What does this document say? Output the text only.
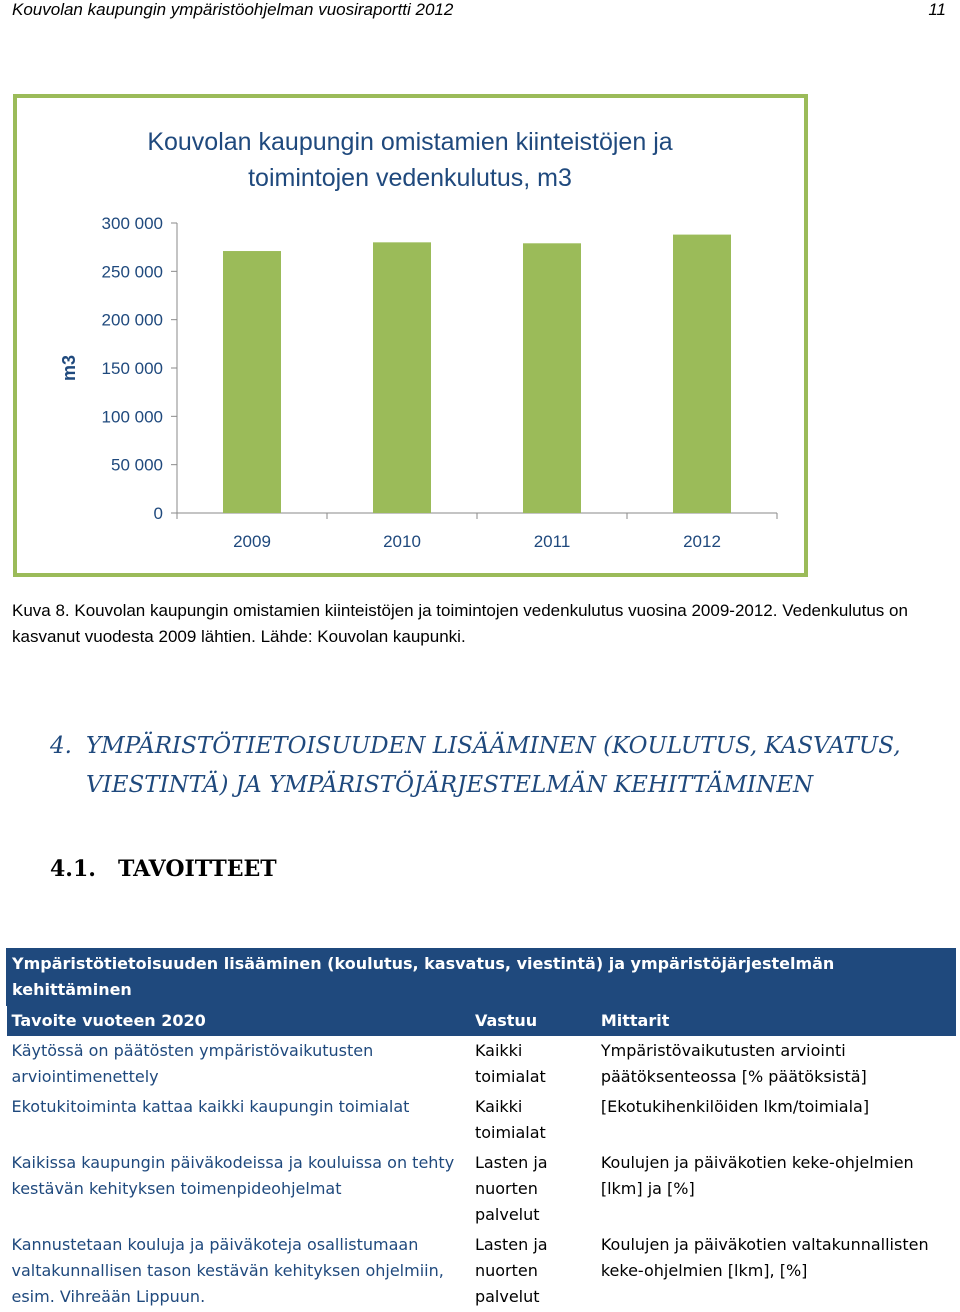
Kouvolan kaupungin ympäristöohjelman vuosiraportti 2012	11
Kouvolan kaupungin omistamien kiinteistöjen ja
toimintojen vedenkulutus, m3
m3
0
50 000
100 000
150 000
200 000
250 000
300 000
2009	2010	2011	2012
Kuva 8. Kouvolan kaupungin omistamien kiinteistöjen ja toimintojen vedenkulutus vuosina 2009-2012. Vedenkulutus on kasvanut vuodesta 2009 lähtien. Lähde: Kouvolan kaupunki.
4. YMPÄRISTÖTIETOISUUDEN LISÄÄMINEN (KOULUTUS, KASVATUS, VIESTINTÄ) JA YMPÄRISTÖJÄRJESTELMÄN KEHITTÄMINEN
4.1. TAVOITTEET
Ympäristötietoisuuden lisääminen (koulutus, kasvatus, viestintä) ja ympäristöjärjestelmän kehittäminen		
Tavoite vuoteen 2020	Vastuu	Mittarit
Käytössä on päätösten ympäristövaikutusten arviointimenettely	Kaikki toimialat	Ympäristövaikutusten arviointi päätöksenteossa [% päätöksistä]
Ekotukitoiminta kattaa kaikki kaupungin toimialat	Kaikki toimialat	[Ekotukihenkilöiden lkm/toimiala]
Kaikissa kaupungin päiväkodeissa ja kouluissa on tehty kestävän kehityksen toimenpideohjelmat	Lasten ja nuorten palvelut	Koulujen ja päiväkotien keke-ohjelmien [lkm] ja [%]
Kannustetaan kouluja ja päiväkoteja osallistumaan valtakunnallisen tason kestävän kehityksen ohjelmiin, esim. Vihreään Lippuun.	Lasten ja nuorten palvelut	Koulujen ja päiväkotien valtakunnallisten keke-ohjelmien [lkm], [%]
